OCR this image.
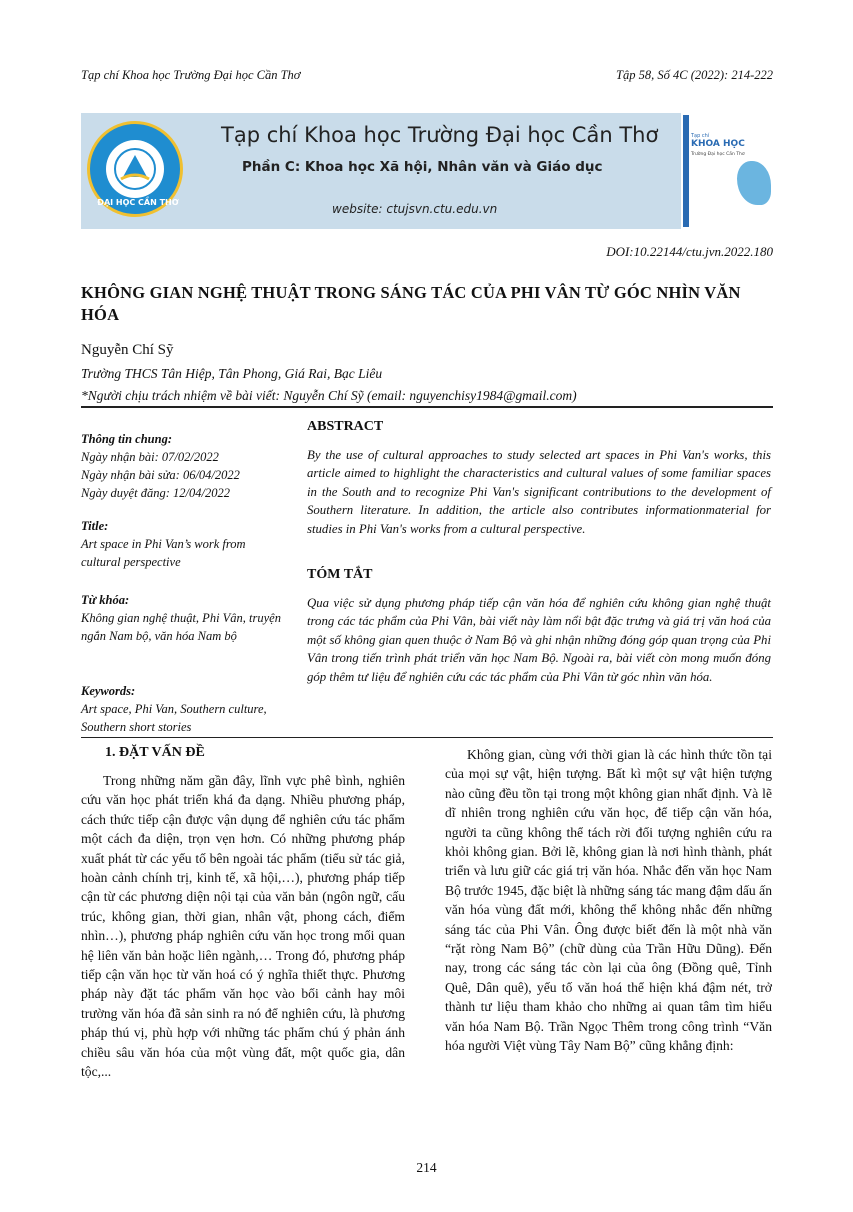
Tạp chí Khoa học Trường Đại học Cần Thơ	Tập 58, Số 4C (2022): 214-222
ĐẠI HỌC CẦN THƠ
Tạp chí Khoa học Trường Đại học Cần Thơ
Phần C: Khoa học Xã hội, Nhân văn và Giáo dục
website: ctujsvn.ctu.edu.vn
Tạp chí
KHOA HỌC
Trường Đại học Cần Thơ
DOI:10.22144/ctu.jvn.2022.180
KHÔNG GIAN NGHỆ THUẬT TRONG SÁNG TÁC CỦA PHI VÂN TỪ GÓC NHÌN VĂN HÓA
Nguyễn Chí Sỹ
Trường THCS Tân Hiệp, Tân Phong, Giá Rai, Bạc Liêu
*Người chịu trách nhiệm về bài viết: Nguyễn Chí Sỹ (email: nguyenchisy1984@gmail.com)
Thông tin chung:
Ngày nhận bài: 07/02/2022
Ngày nhận bài sửa: 06/04/2022
Ngày duyệt đăng: 12/04/2022
Title:
Art space in Phi Van’s work from cultural perspective
Từ khóa:
Không gian nghệ thuật, Phi Vân, truyện ngắn Nam bộ, văn hóa Nam bộ
Keywords:
Art space, Phi Van, Southern culture, Southern short stories
ABSTRACT
By the use of cultural approaches to study selected art spaces in Phi Van's works, this article aimed to highlight the characteristics and cultural values of some familiar spaces in the South and to recognize Phi Van's significant contributions to the development of Southern literature. In addition, the article also contributes informationmaterial for studies in Phi Van's works from a cultural perspective.
TÓM TẮT
Qua việc sử dụng phương pháp tiếp cận văn hóa để nghiên cứu không gian nghệ thuật trong các tác phẩm của Phi Vân, bài viết này làm nổi bật đặc trưng và giá trị văn hoá của một số không gian quen thuộc ở Nam Bộ và ghi nhận những đóng góp quan trọng của Phi Vân trong tiến trình phát triển văn học Nam Bộ. Ngoài ra, bài viết còn mong muốn đóng góp thêm tư liệu để nghiên cứu các tác phẩm của Phi Vân từ góc nhìn văn hóa.
1. ĐẶT VẤN ĐỀ
Trong những năm gần đây, lĩnh vực phê bình, nghiên cứu văn học phát triển khá đa dạng. Nhiều phương pháp, cách thức tiếp cận được vận dụng để nghiên cứu tác phẩm một cách đa diện, trọn vẹn hơn. Có những phương pháp xuất phát từ các yếu tố bên ngoài tác phẩm (tiểu sử tác giả, hoàn cảnh chính trị, kinh tế, xã hội,…), phương pháp tiếp cận từ các phương diện nội tại của văn bản (ngôn ngữ, cấu trúc, không gian, thời gian, nhân vật, phong cách, điểm nhìn…), phương pháp nghiên cứu văn học trong mối quan hệ liên văn bản hoặc liên ngành,… Trong đó, phương pháp tiếp cận văn học từ văn hoá có ý nghĩa thiết thực. Phương pháp này đặt tác phẩm văn học vào bối cảnh hay môi trường văn hóa đã sản sinh ra nó để nghiên cứu, là phương pháp thú vị, phù hợp với những tác phẩm chú ý phản ánh chiều sâu văn hóa của một vùng đất, một quốc gia, dân tộc,...
Không gian, cùng với thời gian là các hình thức tồn tại của mọi sự vật, hiện tượng. Bất kì một sự vật hiện tượng nào cũng đều tồn tại trong một không gian nhất định. Và lẽ dĩ nhiên trong nghiên cứu văn học, để tiếp cận văn hóa, người ta cũng không thể tách rời đối tượng nghiên cứu ra khỏi không gian. Bởi lẽ, không gian là nơi hình thành, phát triển và lưu giữ các giá trị văn hóa. Nhắc đến văn học Nam Bộ trước 1945, đặc biệt là những sáng tác mang đậm dấu ấn văn hóa vùng đất mới, không thể không nhắc đến những sáng tác của Phi Vân. Ông được biết đến là một nhà văn “rặt ròng Nam Bộ” (chữ dùng của Trần Hữu Dũng). Đến nay, trong các sáng tác còn lại của ông (Đồng quê, Tỉnh Quê, Dân quê), yếu tố văn hoá thể hiện khá đậm nét, trở thành tư liệu tham khảo cho những ai quan tâm tìm hiểu văn hóa Nam Bộ. Trần Ngọc Thêm trong công trình “Văn hóa người Việt vùng Tây Nam Bộ” cũng khẳng định:
214
